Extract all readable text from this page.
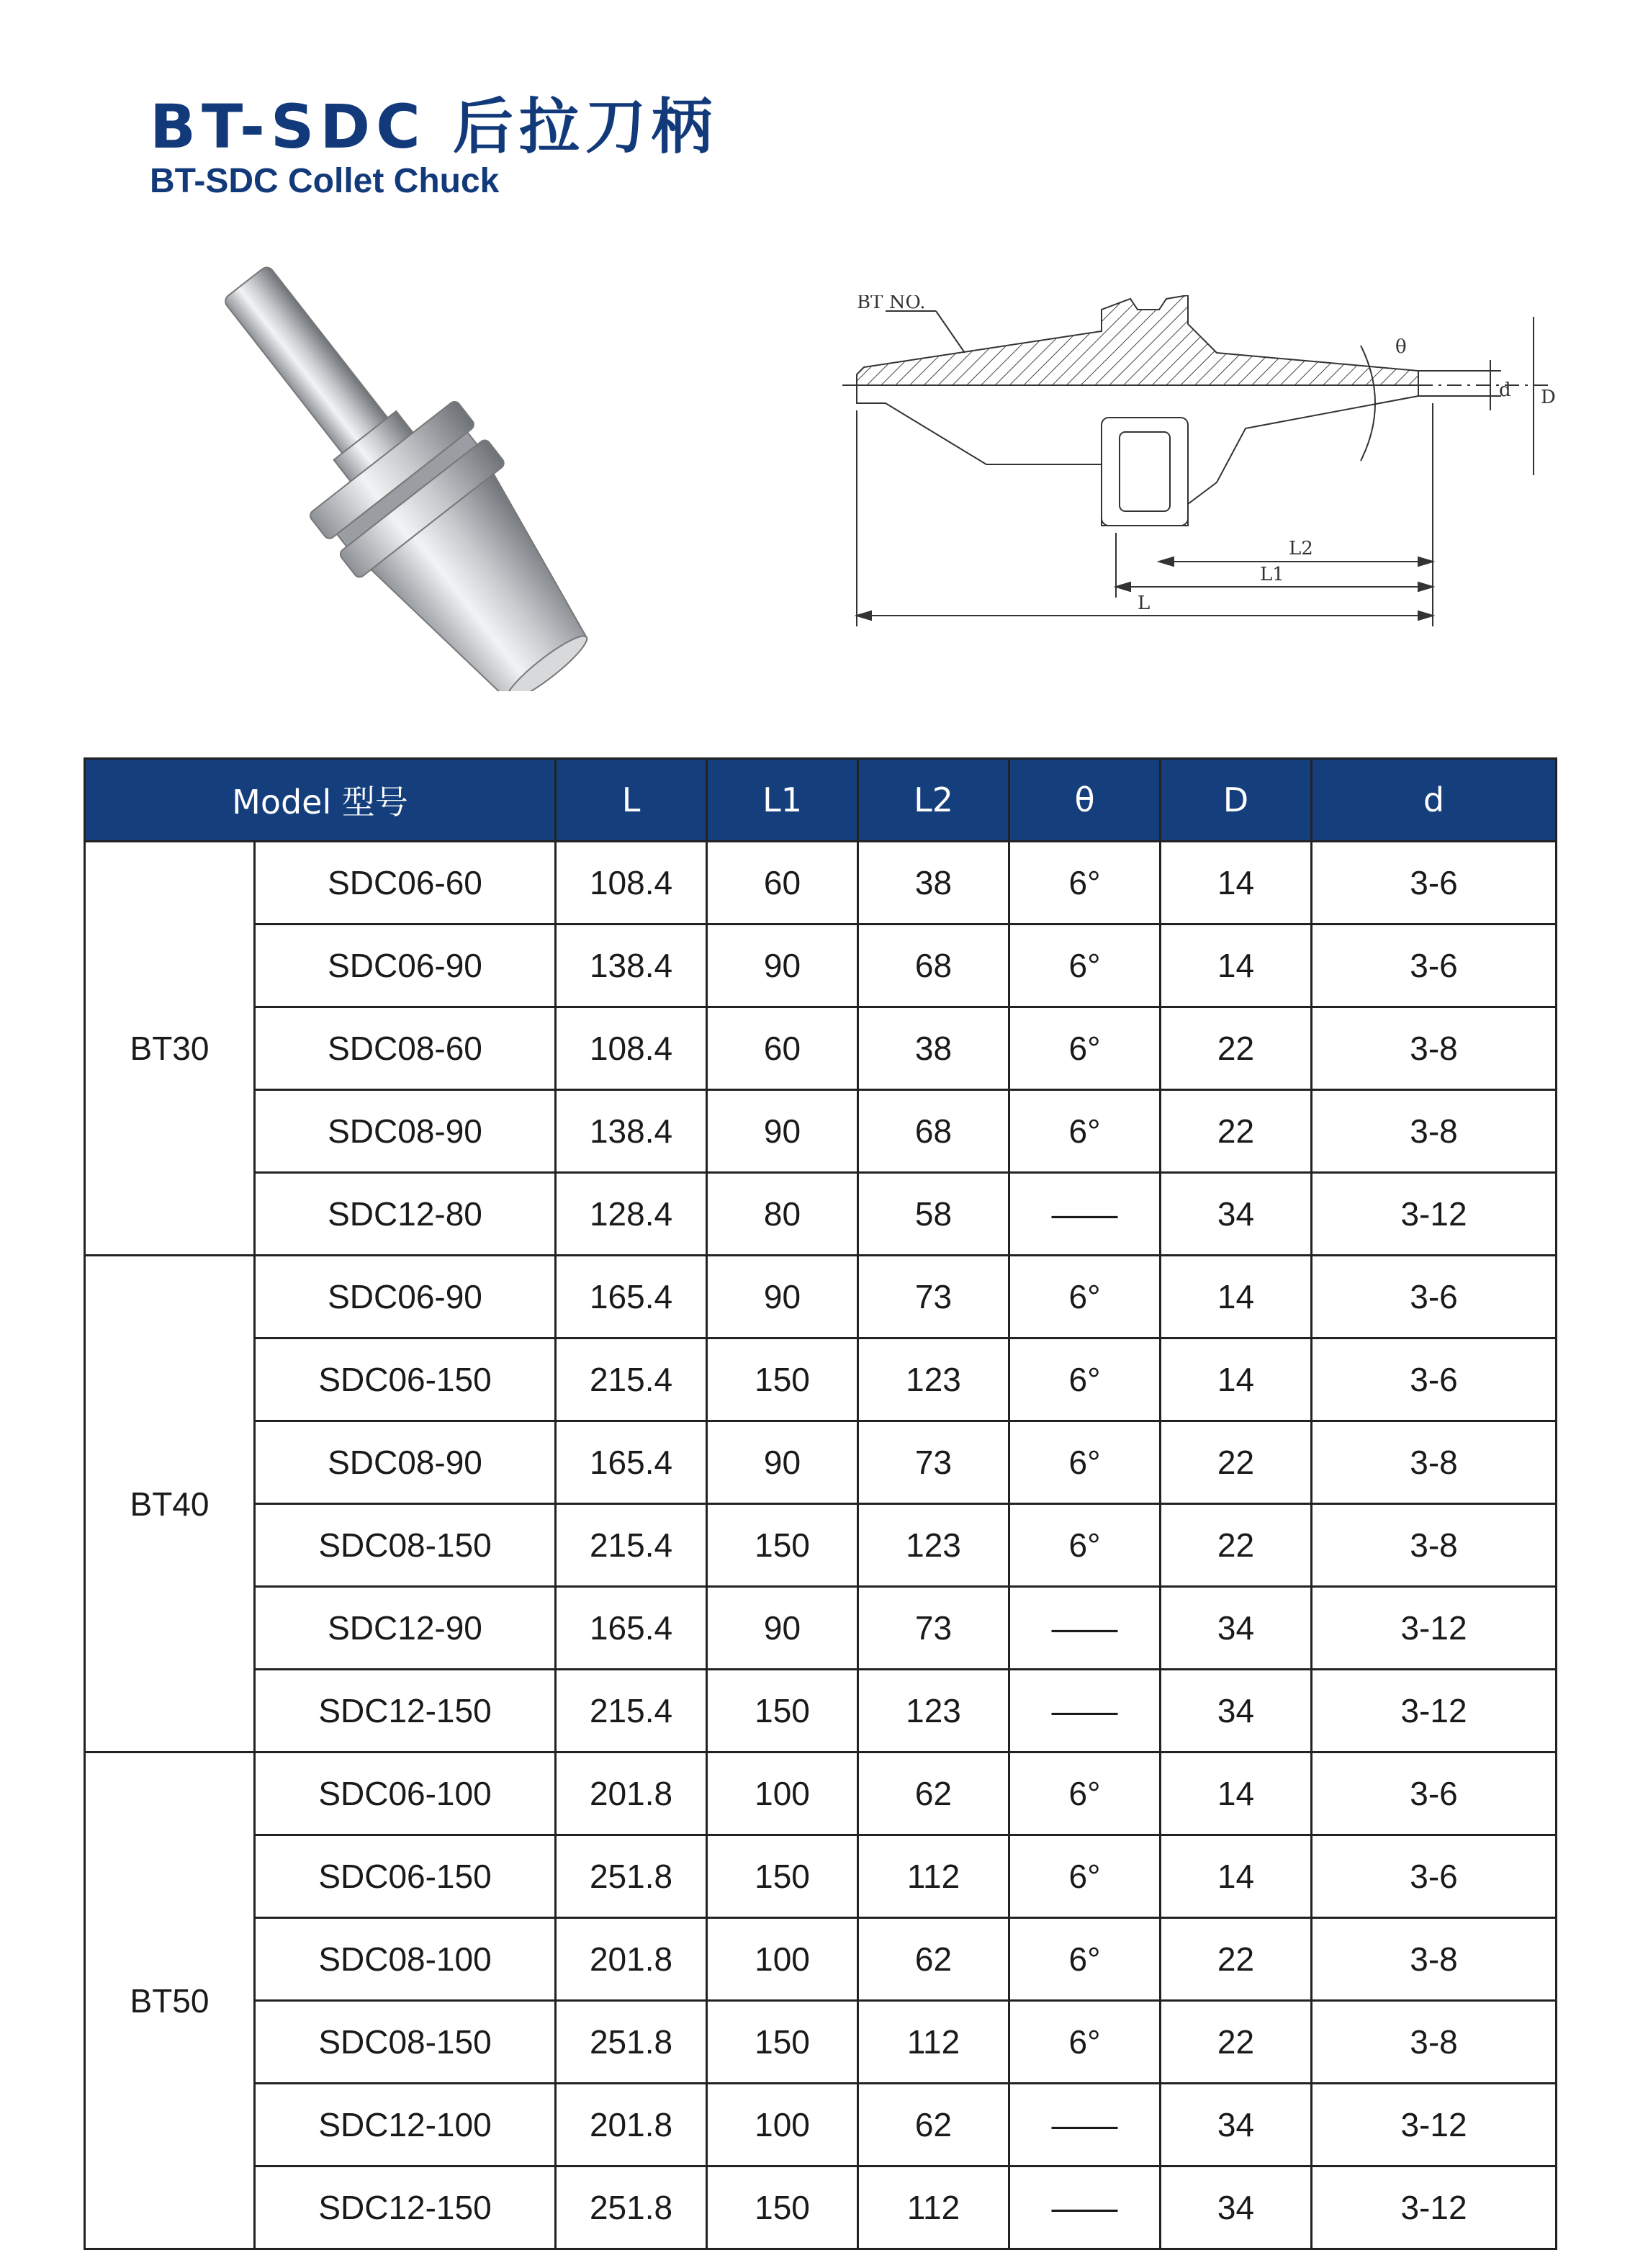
BT-SDC 后拉刀柄

BT-SDC Collet Chuck

BT NO.
θ
d D
L2
L1
L
Model 型号		L	L1	L2	θ	D	d
BT30	SDC06-60	108.4	60	38	6°	14	3-6
	SDC06-90	138.4	90	68	6°	14	3-6
	SDC08-60	108.4	60	38	6°	22	3-8
	SDC08-90	138.4	90	68	6°	22	3-8
	SDC12-80	128.4	80	58	——	34	3-12
BT40	SDC06-90	165.4	90	73	6°	14	3-6
	SDC06-150	215.4	150	123	6°	14	3-6
	SDC08-90	165.4	90	73	6°	22	3-8
	SDC08-150	215.4	150	123	6°	22	3-8
	SDC12-90	165.4	90	73	——	34	3-12
	SDC12-150	215.4	150	123	——	34	3-12
BT50	SDC06-100	201.8	100	62	6°	14	3-6
	SDC06-150	251.8	150	112	6°	14	3-6
	SDC08-100	201.8	100	62	6°	22	3-8
	SDC08-150	251.8	150	112	6°	22	3-8
	SDC12-100	201.8	100	62	——	34	3-12
	SDC12-150	251.8	150	112	——	34	3-12
